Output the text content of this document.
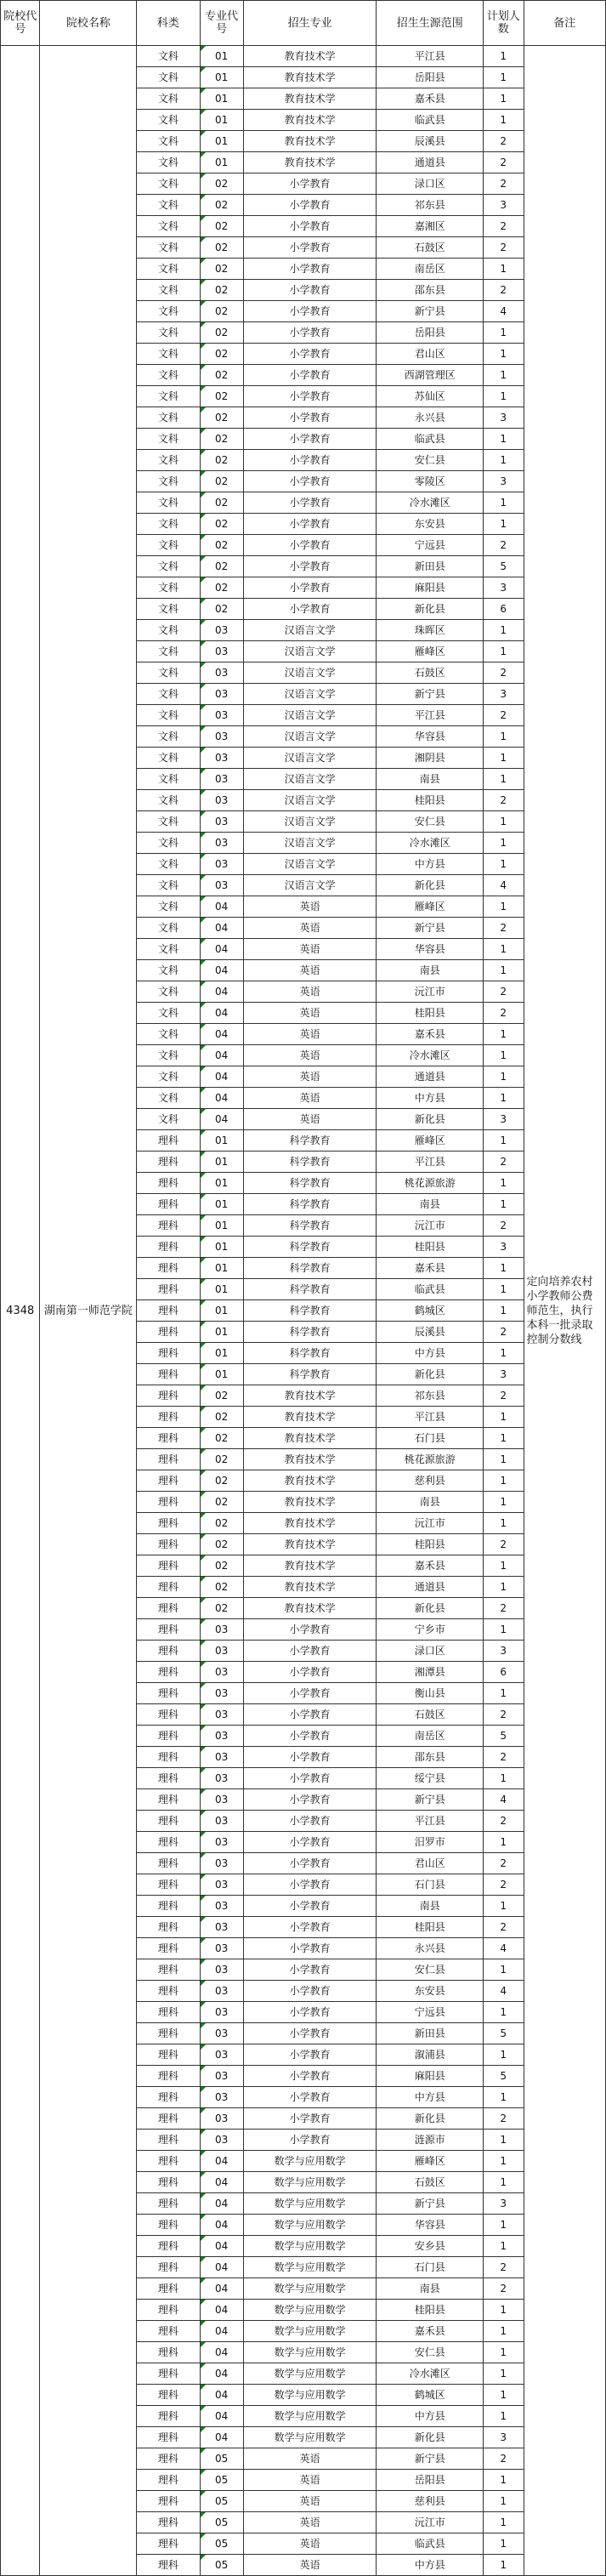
院校代号	院校名称	科类	专业代号	招生专业	招生生源范围	计划人数	备注
4348	湖南第一师范学院	文科	01	教育技术学	平江县	1	定向培养农村小学教师公费师范生，执行本科一批录取控制分数线
		文科	01	教育技术学	岳阳县	1	
		文科	01	教育技术学	嘉禾县	1	
		文科	01	教育技术学	临武县	1	
		文科	01	教育技术学	辰溪县	2	
		文科	01	教育技术学	通道县	2	
		文科	02	小学教育	渌口区	2	
		文科	02	小学教育	祁东县	3	
		文科	02	小学教育	嘉湘区	2	
		文科	02	小学教育	石鼓区	2	
		文科	02	小学教育	南岳区	1	
		文科	02	小学教育	邵东县	2	
		文科	02	小学教育	新宁县	4	
		文科	02	小学教育	岳阳县	1	
		文科	02	小学教育	君山区	1	
		文科	02	小学教育	西湖管理区	1	
		文科	02	小学教育	苏仙区	1	
		文科	02	小学教育	永兴县	3	
		文科	02	小学教育	临武县	1	
		文科	02	小学教育	安仁县	1	
		文科	02	小学教育	零陵区	3	
		文科	02	小学教育	冷水滩区	1	
		文科	02	小学教育	东安县	1	
		文科	02	小学教育	宁远县	2	
		文科	02	小学教育	新田县	5	
		文科	02	小学教育	麻阳县	3	
		文科	02	小学教育	新化县	6	
		文科	03	汉语言文学	珠晖区	1	
		文科	03	汉语言文学	雁峰区	1	
		文科	03	汉语言文学	石鼓区	2	
		文科	03	汉语言文学	新宁县	3	
		文科	03	汉语言文学	平江县	2	
		文科	03	汉语言文学	华容县	1	
		文科	03	汉语言文学	湘阴县	1	
		文科	03	汉语言文学	南县	1	
		文科	03	汉语言文学	桂阳县	2	
		文科	03	汉语言文学	安仁县	1	
		文科	03	汉语言文学	冷水滩区	1	
		文科	03	汉语言文学	中方县	1	
		文科	03	汉语言文学	新化县	4	
		文科	04	英语	雁峰区	1	
		文科	04	英语	新宁县	2	
		文科	04	英语	华容县	1	
		文科	04	英语	南县	1	
		文科	04	英语	沅江市	2	
		文科	04	英语	桂阳县	2	
		文科	04	英语	嘉禾县	1	
		文科	04	英语	冷水滩区	1	
		文科	04	英语	通道县	1	
		文科	04	英语	中方县	1	
		文科	04	英语	新化县	3	
		理科	01	科学教育	雁峰区	1	
		理科	01	科学教育	平江县	2	
		理科	01	科学教育	桃花源旅游	1	
		理科	01	科学教育	南县	1	
		理科	01	科学教育	沅江市	2	
		理科	01	科学教育	桂阳县	3	
		理科	01	科学教育	嘉禾县	1	
		理科	01	科学教育	临武县	1	
		理科	01	科学教育	鹤城区	1	
		理科	01	科学教育	辰溪县	2	
		理科	01	科学教育	中方县	1	
		理科	01	科学教育	新化县	3	
		理科	02	教育技术学	祁东县	2	
		理科	02	教育技术学	平江县	1	
		理科	02	教育技术学	石门县	1	
		理科	02	教育技术学	桃花源旅游	1	
		理科	02	教育技术学	慈利县	1	
		理科	02	教育技术学	南县	1	
		理科	02	教育技术学	沅江市	1	
		理科	02	教育技术学	桂阳县	2	
		理科	02	教育技术学	嘉禾县	1	
		理科	02	教育技术学	通道县	1	
		理科	02	教育技术学	新化县	2	
		理科	03	小学教育	宁乡市	1	
		理科	03	小学教育	渌口区	3	
		理科	03	小学教育	湘潭县	6	
		理科	03	小学教育	衡山县	1	
		理科	03	小学教育	石鼓区	2	
		理科	03	小学教育	南岳区	5	
		理科	03	小学教育	邵东县	2	
		理科	03	小学教育	绥宁县	1	
		理科	03	小学教育	新宁县	4	
		理科	03	小学教育	平江县	2	
		理科	03	小学教育	汨罗市	1	
		理科	03	小学教育	君山区	2	
		理科	03	小学教育	石门县	2	
		理科	03	小学教育	南县	1	
		理科	03	小学教育	桂阳县	2	
		理科	03	小学教育	永兴县	4	
		理科	03	小学教育	安仁县	1	
		理科	03	小学教育	东安县	4	
		理科	03	小学教育	宁远县	1	
		理科	03	小学教育	新田县	5	
		理科	03	小学教育	溆浦县	1	
		理科	03	小学教育	麻阳县	5	
		理科	03	小学教育	中方县	1	
		理科	03	小学教育	新化县	2	
		理科	03	小学教育	涟源市	1	
		理科	04	数学与应用数学	雁峰区	1	
		理科	04	数学与应用数学	石鼓区	1	
		理科	04	数学与应用数学	新宁县	3	
		理科	04	数学与应用数学	华容县	1	
		理科	04	数学与应用数学	安乡县	1	
		理科	04	数学与应用数学	石门县	2	
		理科	04	数学与应用数学	南县	2	
		理科	04	数学与应用数学	桂阳县	1	
		理科	04	数学与应用数学	嘉禾县	1	
		理科	04	数学与应用数学	安仁县	1	
		理科	04	数学与应用数学	冷水滩区	1	
		理科	04	数学与应用数学	鹤城区	1	
		理科	04	数学与应用数学	中方县	1	
		理科	04	数学与应用数学	新化县	3	
		理科	05	英语	新宁县	2	
		理科	05	英语	岳阳县	1	
		理科	05	英语	慈利县	1	
		理科	05	英语	沅江市	1	
		理科	05	英语	临武县	1	
		理科	05	英语	中方县	1	
